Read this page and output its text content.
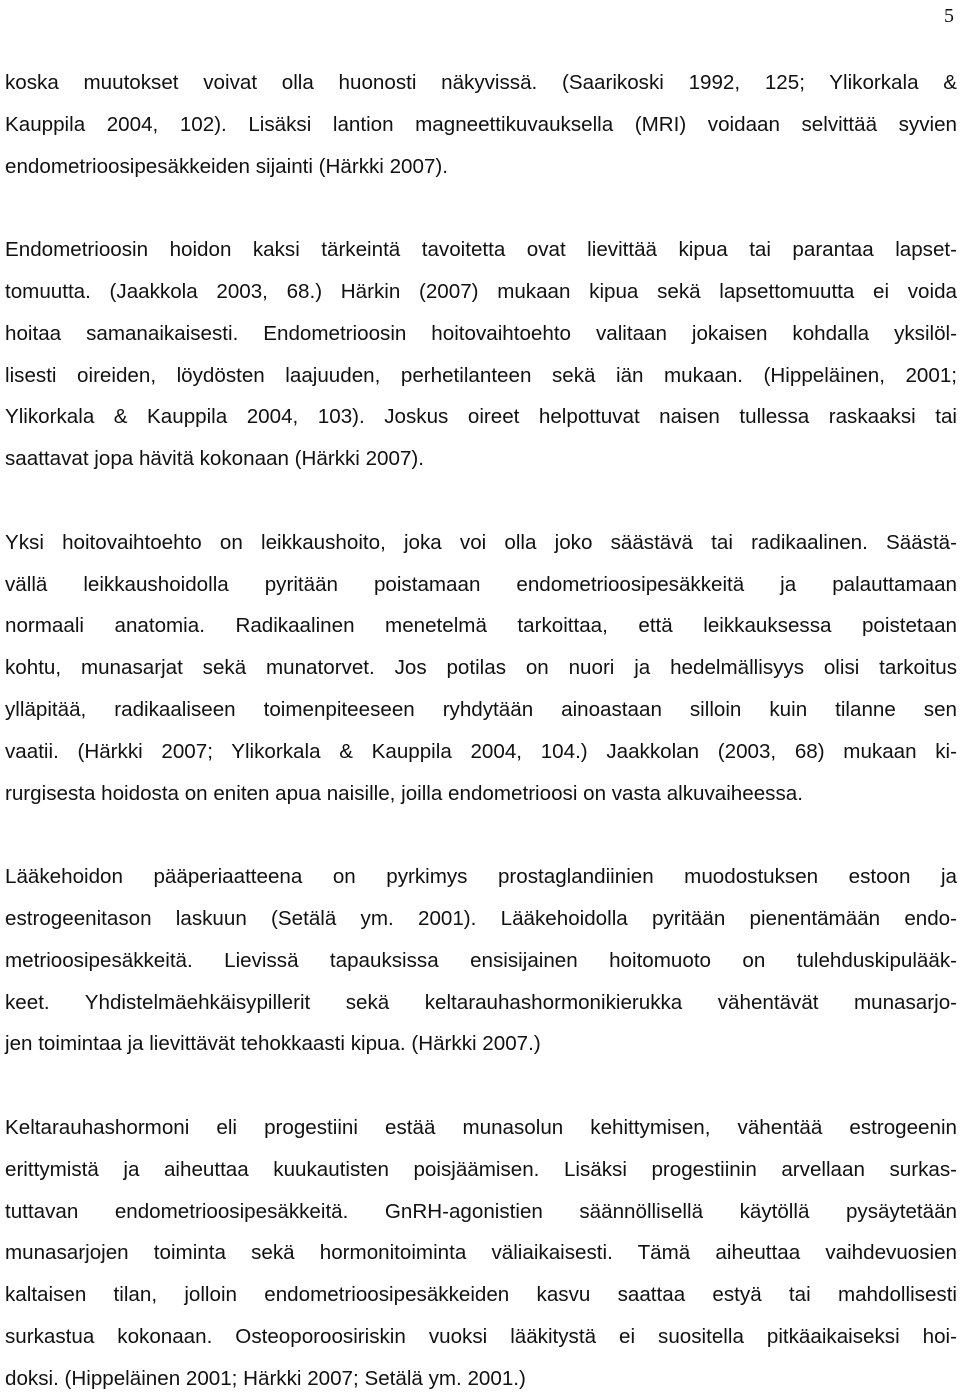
5

koska muutokset voivat olla huonosti näkyvissä. (Saarikoski 1992, 125; Ylikorkala &
Kauppila 2004, 102). Lisäksi lantion magneettikuvauksella (MRI) voidaan selvittää syvien
endometrioosipesäkkeiden sijainti (Härkki 2007).

Endometrioosin hoidon kaksi tärkeintä tavoitetta ovat lievittää kipua tai parantaa lapset-
tomuutta. (Jaakkola 2003, 68.) Härkin (2007) mukaan kipua sekä lapsettomuutta ei voida
hoitaa samanaikaisesti. Endometrioosin hoitovaihtoehto valitaan jokaisen kohdalla yksilöl-
lisesti oireiden, löydösten laajuuden, perhetilanteen sekä iän mukaan. (Hippeläinen, 2001;
Ylikorkala & Kauppila 2004, 103). Joskus oireet helpottuvat naisen tullessa raskaaksi tai
saattavat jopa hävitä kokonaan (Härkki 2007).

Yksi hoitovaihtoehto on leikkaushoito, joka voi olla joko säästävä tai radikaalinen. Säästä-
vällä leikkaushoidolla pyritään poistamaan endometrioosipesäkkeitä ja palauttamaan
normaali anatomia. Radikaalinen menetelmä tarkoittaa, että leikkauksessa poistetaan
kohtu, munasarjat sekä munatorvet. Jos potilas on nuori ja hedelmällisyys olisi tarkoitus
ylläpitää, radikaaliseen toimenpiteeseen ryhdytään ainoastaan silloin kuin tilanne sen
vaatii. (Härkki 2007; Ylikorkala & Kauppila 2004, 104.) Jaakkolan (2003, 68) mukaan ki-
rurgisesta hoidosta on eniten apua naisille, joilla endometrioosi on vasta alkuvaiheessa.

Lääkehoidon pääperiaatteena on pyrkimys prostaglandiinien muodostuksen estoon ja
estrogeenitason laskuun (Setälä ym. 2001). Lääkehoidolla pyritään pienentämään endo-
metrioosipesäkkeitä. Lievissä tapauksissa ensisijainen hoitomuoto on tulehduskipulääk-
keet. Yhdistelmäehkäisypillerit sekä keltarauhashormonikierukka vähentävät munasarjo-
jen toimintaa ja lievittävät tehokkaasti kipua. (Härkki 2007.)

Keltarauhashormoni eli progestiini estää munasolun kehittymisen, vähentää estrogeenin
erittymistä ja aiheuttaa kuukautisten poisjäämisen. Lisäksi progestiinin arvellaan surkas-
tuttavan endometrioosipesäkkeitä. GnRH-agonistien säännöllisellä käytöllä pysäytetään
munasarjojen toiminta sekä hormonitoiminta väliaikaisesti. Tämä aiheuttaa vaihdevuosien
kaltaisen tilan, jolloin endometrioosipesäkkeiden kasvu saattaa estyä tai mahdollisesti
surkastua kokonaan. Osteoporoosiriskin vuoksi lääkitystä ei suositella pitkäaikaiseksi hoi-
doksi. (Hippeläinen 2001; Härkki 2007; Setälä ym. 2001.)
